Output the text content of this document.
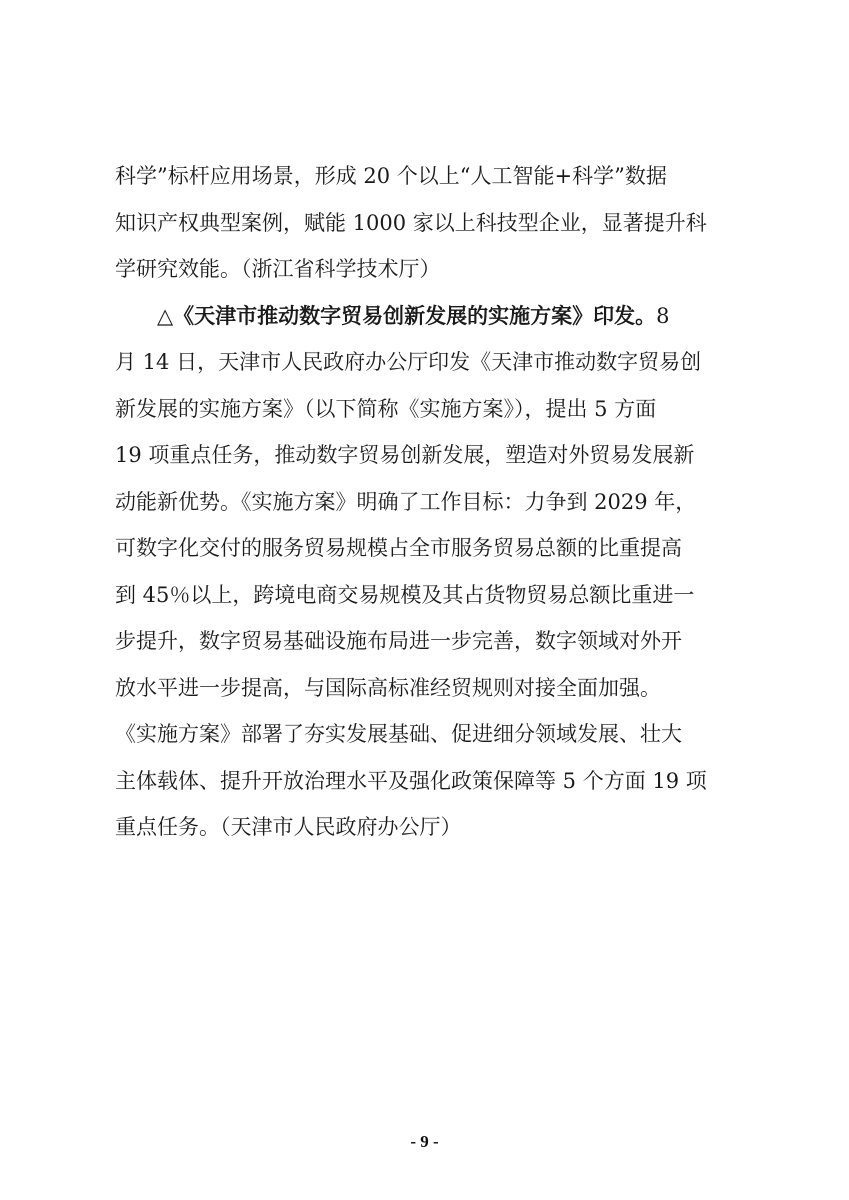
科学”标杆应用场景，形成 20 个以上“人工智能+科学”数据
知识产权典型案例，赋能 1000 家以上科技型企业，显著提升科
学研究效能。（浙江省科学技术厅）
△《天津市推动数字贸易创新发展的实施方案》印发。8
月 14 日，天津市人民政府办公厅印发《天津市推动数字贸易创
新发展的实施方案》（以下简称《实施方案》），提出 5 方面
19 项重点任务，推动数字贸易创新发展，塑造对外贸易发展新
动能新优势。《实施方案》明确了工作目标：力争到 2029 年，
可数字化交付的服务贸易规模占全市服务贸易总额的比重提高
到 45％以上，跨境电商交易规模及其占货物贸易总额比重进一
步提升，数字贸易基础设施布局进一步完善，数字领域对外开
放水平进一步提高，与国际高标准经贸规则对接全面加强。
《实施方案》部署了夯实发展基础、促进细分领域发展、壮大
主体载体、提升开放治理水平及强化政策保障等 5 个方面 19 项
重点任务。（天津市人民政府办公厅）
- 9 -
